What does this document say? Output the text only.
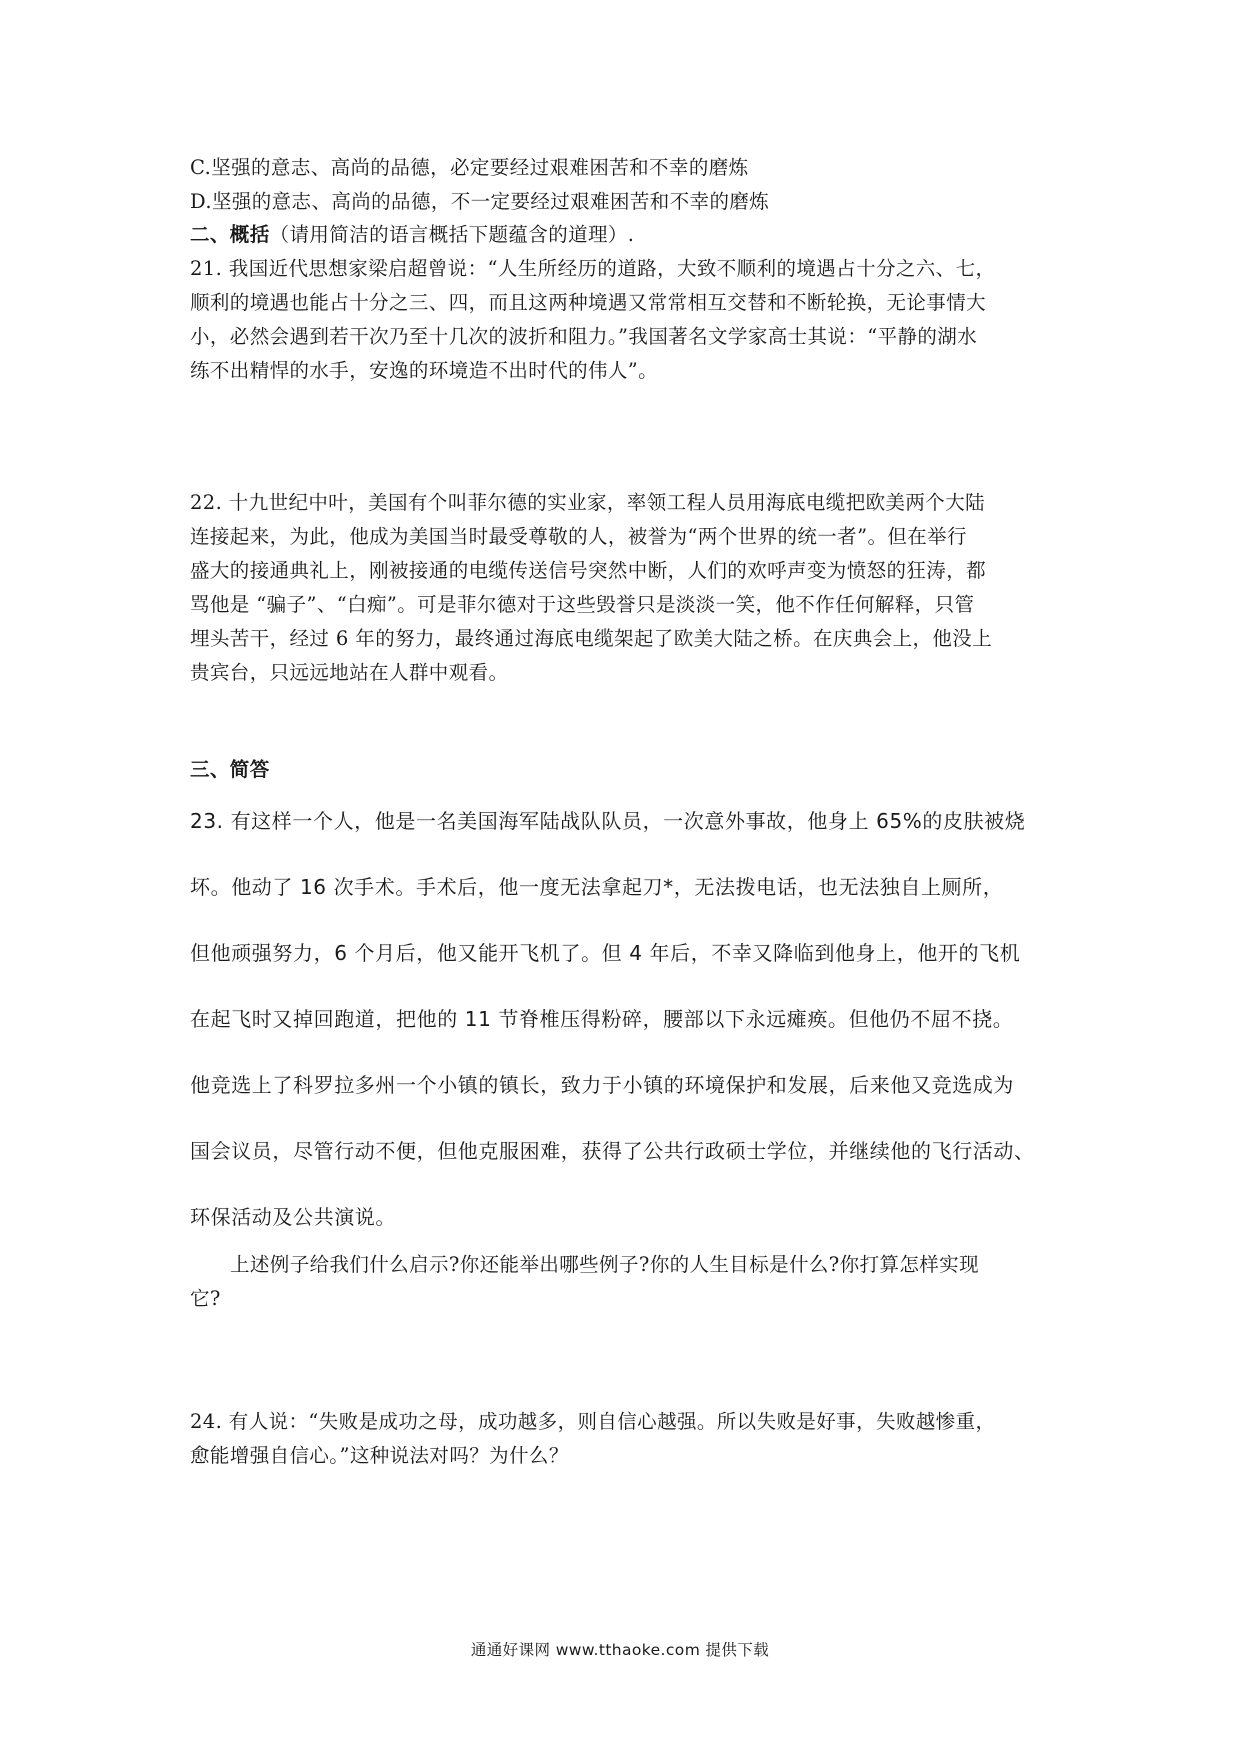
C.坚强的意志、高尚的品德，必定要经过艰难困苦和不幸的磨炼
D.坚强的意志、高尚的品德，不一定要经过艰难困苦和不幸的磨炼
二、概括（请用简洁的语言概括下题蕴含的道理）.
21. 我国近代思想家梁启超曾说：“人生所经历的道路，大致不顺利的境遇占十分之六、七，
顺利的境遇也能占十分之三、四，而且这两种境遇又常常相互交替和不断轮换，无论事情大
小，必然会遇到若干次乃至十几次的波折和阻力。”我国著名文学家高士其说：“平静的湖水
练不出精悍的水手，安逸的环境造不出时代的伟人”。
22. 十九世纪中叶，美国有个叫菲尔德的实业家，率领工程人员用海底电缆把欧美两个大陆
连接起来，为此，他成为美国当时最受尊敬的人，被誉为“两个世界的统一者”。但在举行
盛大的接通典礼上，刚被接通的电缆传送信号突然中断，人们的欢呼声变为愤怒的狂涛，都
骂他是 “骗子”、“白痴”。可是菲尔德对于这些毁誉只是淡淡一笑，他不作任何解释，只管
埋头苦干，经过 6 年的努力，最终通过海底电缆架起了欧美大陆之桥。在庆典会上，他没上
贵宾台，只远远地站在人群中观看。
三、简答
23. 有这样一个人，他是一名美国海军陆战队队员，一次意外事故，他身上 65%的皮肤被烧
坏。他动了 16 次手术。手术后，他一度无法拿起刀*，无法拨电话，也无法独自上厕所，
但他顽强努力，6 个月后，他又能开飞机了。但 4 年后，不幸又降临到他身上，他开的飞机
在起飞时又掉回跑道，把他的 11 节脊椎压得粉碎，腰部以下永远瘫痪。但他仍不屈不挠。
他竞选上了科罗拉多州一个小镇的镇长，致力于小镇的环境保护和发展，后来他又竞选成为
国会议员，尽管行动不便，但他克服困难，获得了公共行政硕士学位，并继续他的飞行活动、
环保活动及公共演说。
上述例子给我们什么启示?你还能举出哪些例子?你的人生目标是什么?你打算怎样实现
它?
24. 有人说：“失败是成功之母，成功越多，则自信心越强。所以失败是好事，失败越惨重，
愈能增强自信心。”这种说法对吗？为什么？
通通好课网 www.tthaoke.com 提供下载
